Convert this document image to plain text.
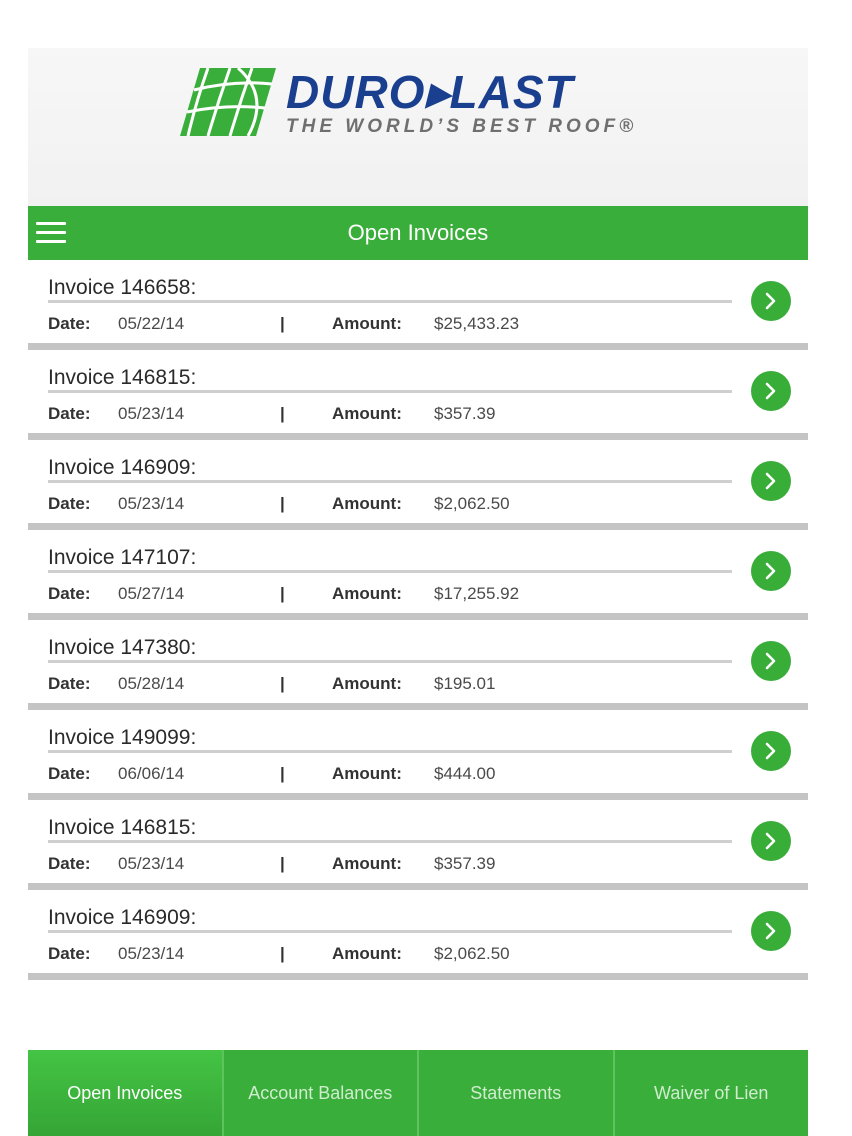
DURO▸LAST
THE WORLD’S BEST ROOF®
Open Invoices
Invoice 146658:
Date: 05/22/14	|	Amount: $25,433.23
Invoice 146815:
Date: 05/23/14	|	Amount: $357.39
Invoice 146909:
Date: 05/23/14	|	Amount: $2,062.50
Invoice 147107:
Date: 05/27/14	|	Amount: $17,255.92
Invoice 147380:
Date: 05/28/14	|	Amount: $195.01
Invoice 149099:
Date: 06/06/14	|	Amount: $444.00
Invoice 146815:
Date: 05/23/14	|	Amount: $357.39
Invoice 146909:
Date: 05/23/14	|	Amount: $2,062.50
Open Invoices	Account Balances	Statements	Waiver of Lien
